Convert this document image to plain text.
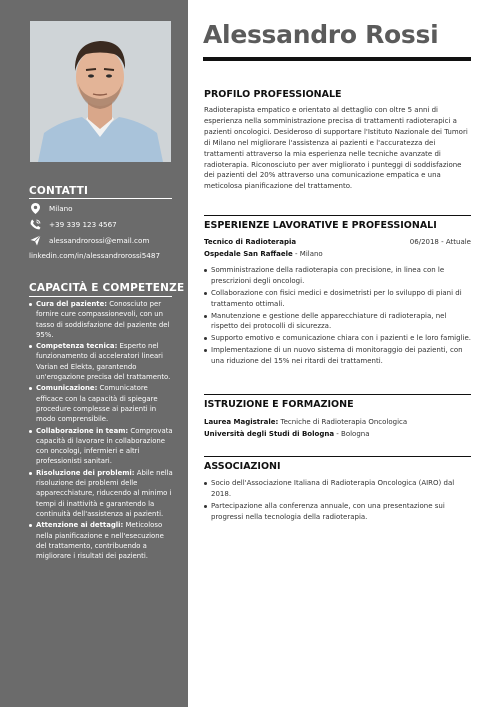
CONTATTI
Milano
+39 339 123 4567
alessandrorossi@email.com
linkedin.com/in/alessandrorossi5487
CAPACITÀ E COMPETENZE
Cura del paziente: Conosciuto per fornire cure compassionevoli, con un tasso di soddisfazione del paziente del 95%.
Competenza tecnica: Esperto nel funzionamento di acceleratori lineari Varian ed Elekta, garantendo un'erogazione precisa del trattamento.
Comunicazione: Comunicatore efficace con la capacità di spiegare procedure complesse ai pazienti in modo comprensibile.
Collaborazione in team: Comprovata capacità di lavorare in collaborazione con oncologi, infermieri e altri professionisti sanitari.
Risoluzione dei problemi: Abile nella risoluzione dei problemi delle apparecchiature, riducendo al minimo i tempi di inattività e garantendo la continuità dell'assistenza ai pazienti.
Attenzione ai dettagli: Meticoloso nella pianificazione e nell'esecuzione del trattamento, contribuendo a migliorare i risultati dei pazienti.
Alessandro Rossi
PROFILO PROFESSIONALE
Radioterapista empatico e orientato al dettaglio con oltre 5 anni di esperienza nella somministrazione precisa di trattamenti radioterapici a pazienti oncologici. Desideroso di supportare l'Istituto Nazionale dei Tumori di Milano nel migliorare l'assistenza ai pazienti e l'accuratezza dei trattamenti attraverso la mia esperienza nelle tecniche avanzate di radioterapia. Riconosciuto per aver migliorato i punteggi di soddisfazione dei pazienti del 20% attraverso una comunicazione empatica e una meticolosa pianificazione del trattamento.
ESPERIENZE LAVORATIVE E PROFESSIONALI
Tecnico di Radioterapia	06/2018 - Attuale
Ospedale San Raffaele - Milano
Somministrazione della radioterapia con precisione, in linea con le prescrizioni degli oncologi.
Collaborazione con fisici medici e dosimetristi per lo sviluppo di piani di trattamento ottimali.
Manutenzione e gestione delle apparecchiature di radioterapia, nel rispetto dei protocolli di sicurezza.
Supporto emotivo e comunicazione chiara con i pazienti e le loro famiglie.
Implementazione di un nuovo sistema di monitoraggio dei pazienti, con una riduzione del 15% nei ritardi dei trattamenti.
ISTRUZIONE E FORMAZIONE
Laurea Magistrale: Tecniche di Radioterapia Oncologica
Università degli Studi di Bologna - Bologna
ASSOCIAZIONI
Socio dell'Associazione Italiana di Radioterapia Oncologica (AIRO) dal 2018.
Partecipazione alla conferenza annuale, con una presentazione sui progressi nella tecnologia della radioterapia.
